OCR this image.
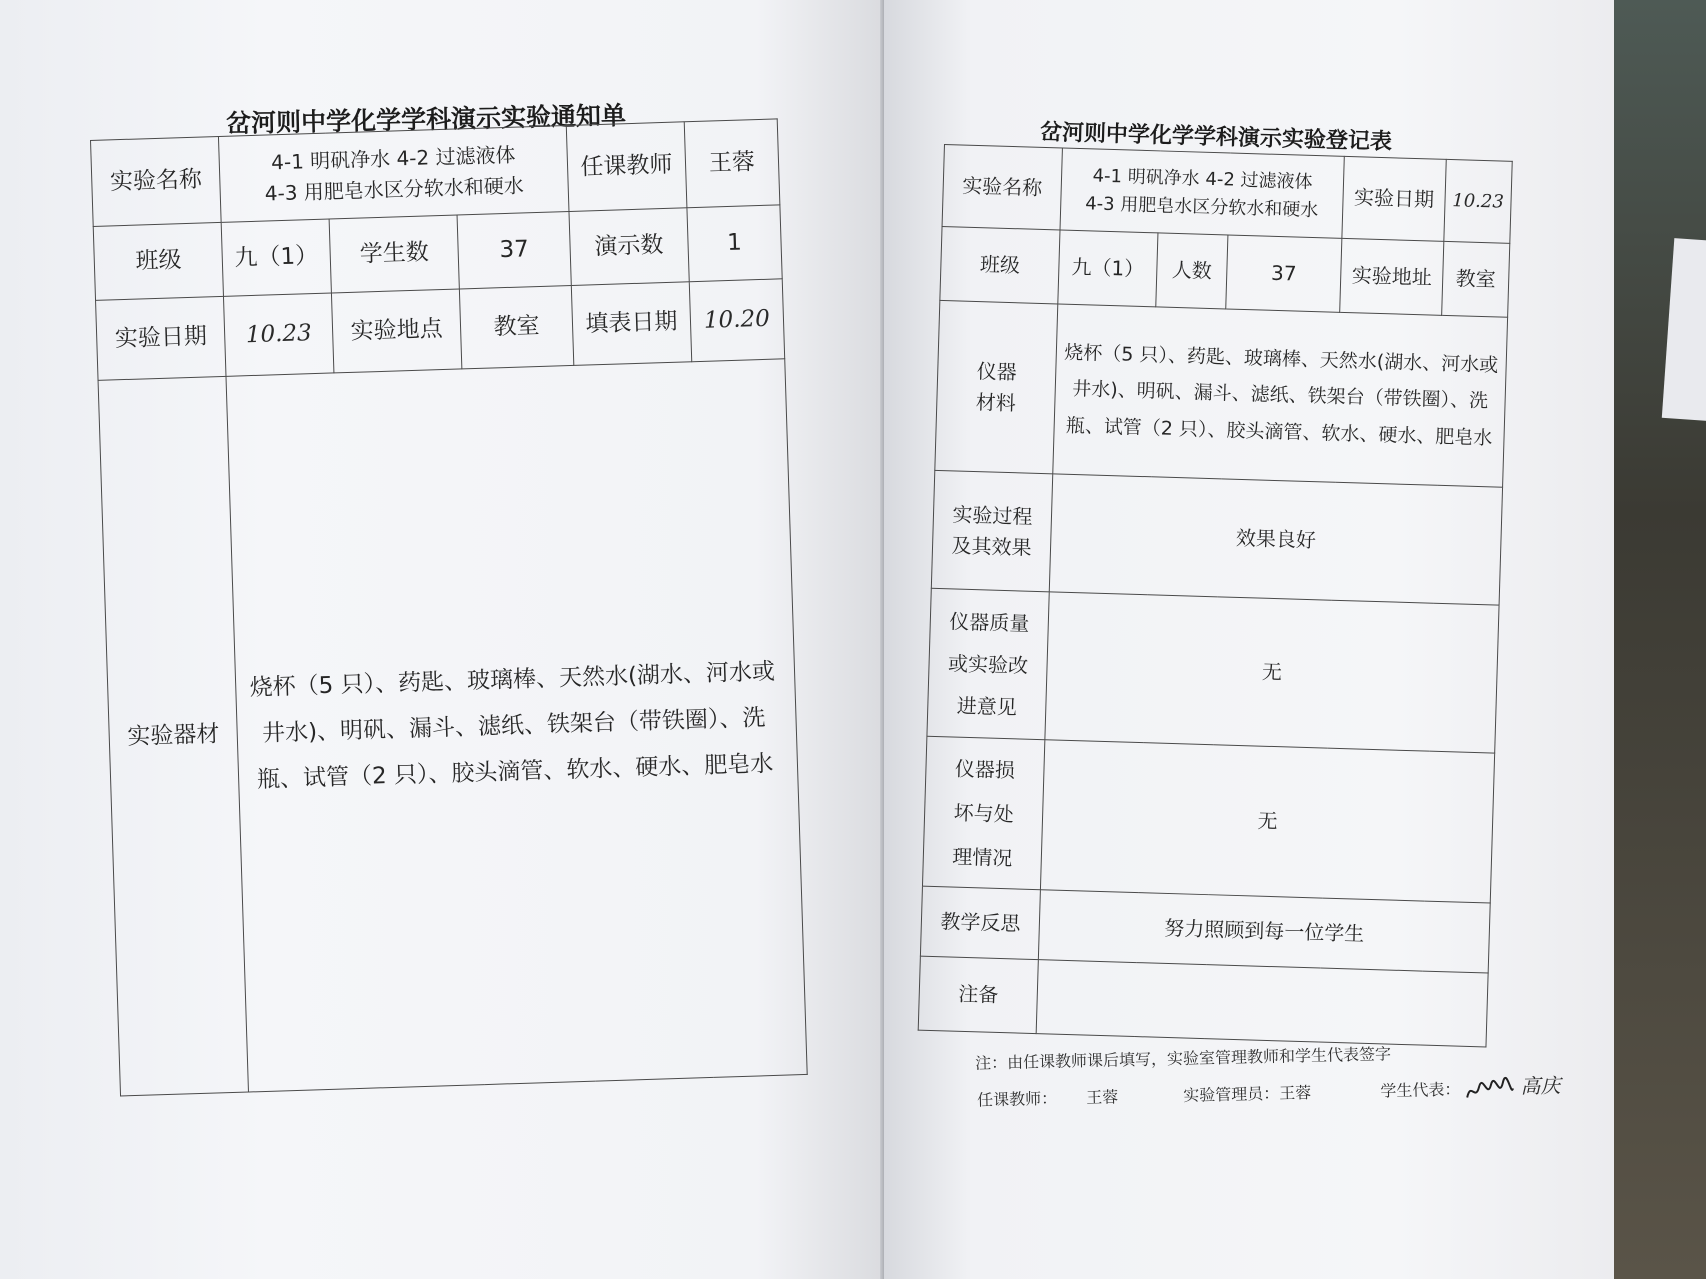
岔河则中学化学学科演示实验通知单
实验名称	4-1 明矾净水 4-2 过滤液体
4-3 用肥皂水区分软水和硬水			任课教师	王蓉
班级	九（1）	学生数	37	演示数	1
实验日期	10.23	实验地点	教室	填表日期	10.20
实验器材	烧杯（5 只）、药匙、玻璃棒、天然水(湖水、河水或井水)、明矾、漏斗、滤纸、铁架台（带铁圈）、洗瓶、试管（2 只）、胶头滴管、软水、硬水、肥皂水				
岔河则中学化学学科演示实验登记表
实验名称	4-1 明矾净水 4-2 过滤液体
4-3 用肥皂水区分软水和硬水			实验日期	10.23
班级	九（1）	人数	37	实验地址	教室

仪器
材料	烧杯（5 只）、药匙、玻璃棒、天然水(湖水、河水或井水)、明矾、漏斗、滤纸、铁架台（带铁圈）、洗瓶、试管（2 只）、胶头滴管、软水、硬水、肥皂水				

实验过程
及其效果	效果良好				

仪器质量
或实验改
进意见	无				

仪器损
坏与处
理情况	无				
教学反思	努力照顾到每一位学生				
注备					
注：由任课教师课后填写，实验室管理教师和学生代表签字
任课教师： 王蓉	实验管理员：王蓉	学生代表：	高庆
